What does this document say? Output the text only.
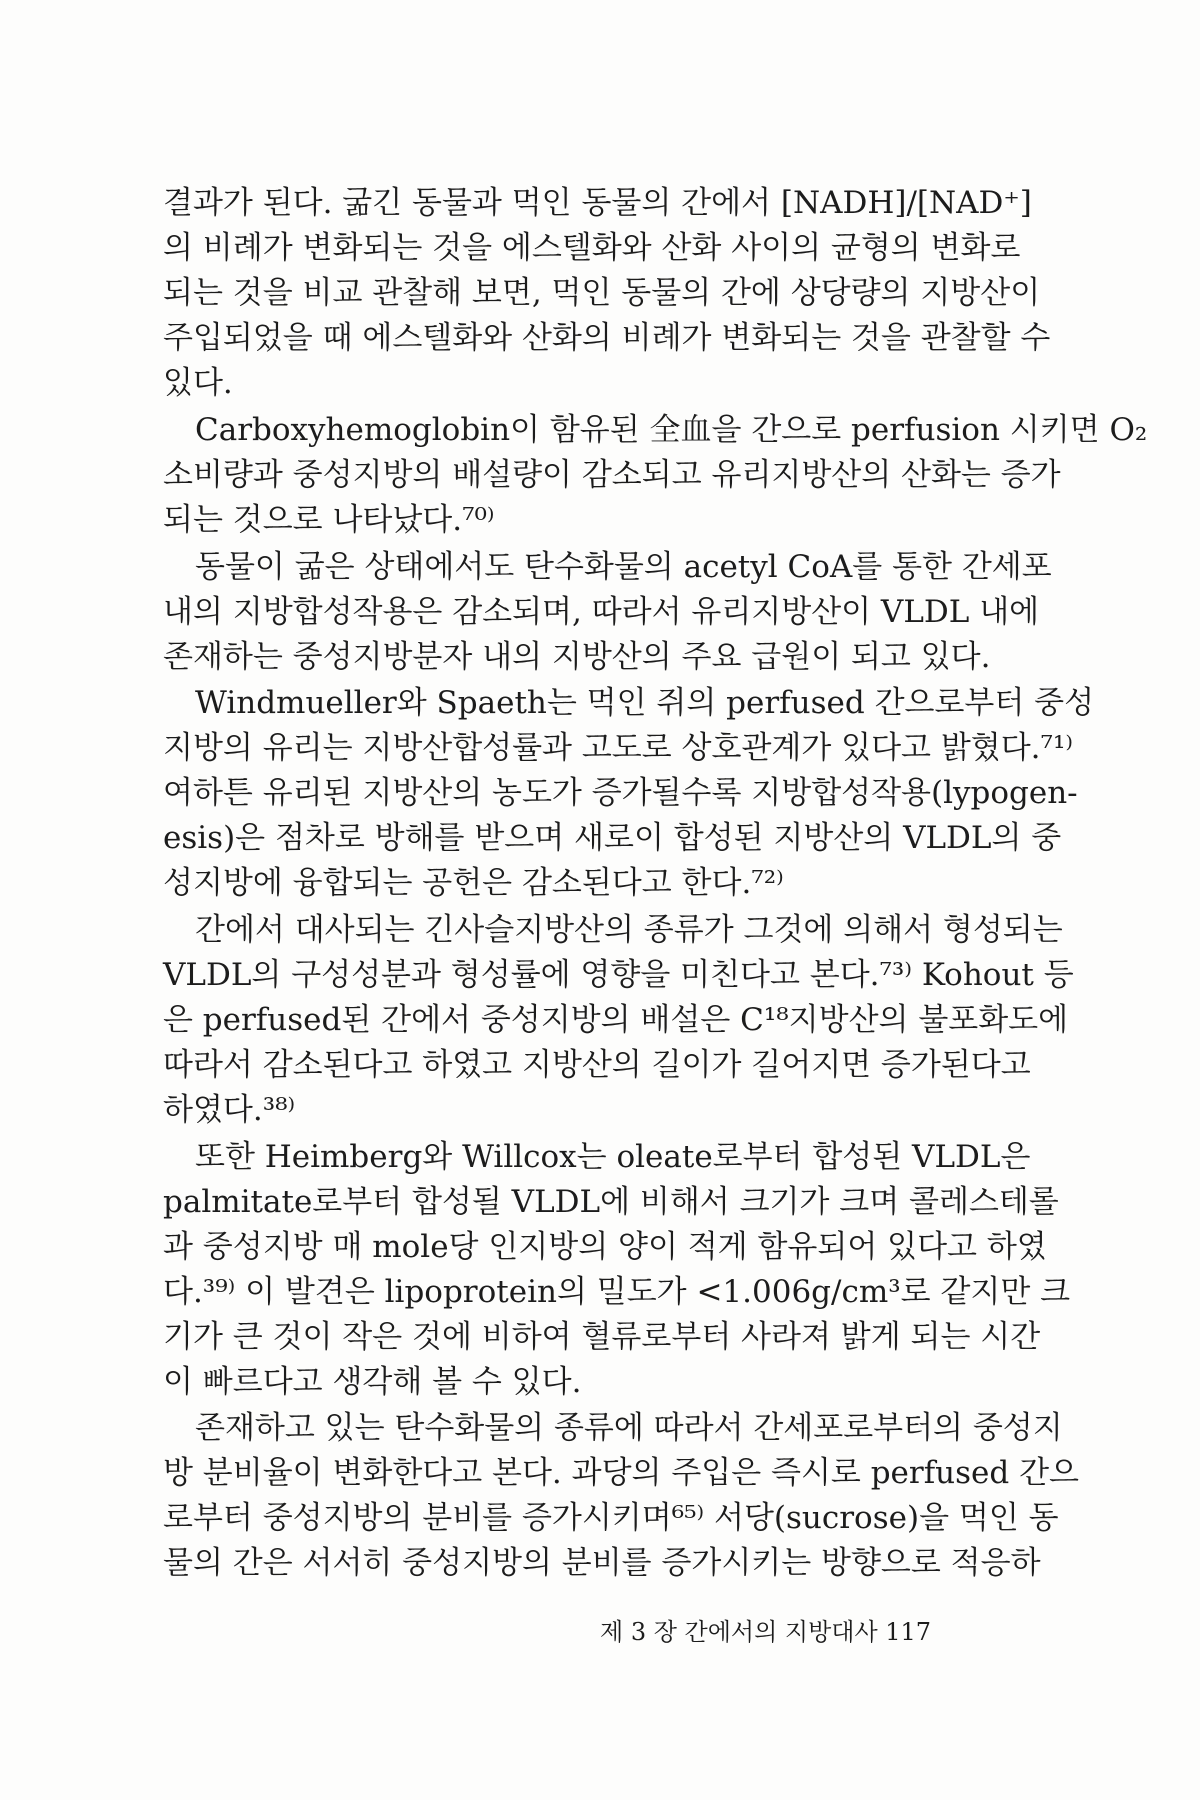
결과가 된다. 굶긴 동물과 먹인 동물의 간에서 [NADH]/[NAD⁺]
의 비례가 변화되는 것을 에스텔화와 산화 사이의 균형의 변화로
되는 것을 비교 관찰해 보면, 먹인 동물의 간에 상당량의 지방산이
주입되었을 때 에스텔화와 산화의 비례가 변화되는 것을 관찰할 수
있다.
Carboxyhemoglobin이 함유된 全血을 간으로 perfusion 시키면 O₂
소비량과 중성지방의 배설량이 감소되고 유리지방산의 산화는 증가
되는 것으로 나타났다.⁷⁰⁾
동물이 굶은 상태에서도 탄수화물의 acetyl CoA를 통한 간세포
내의 지방합성작용은 감소되며, 따라서 유리지방산이 VLDL 내에
존재하는 중성지방분자 내의 지방산의 주요 급원이 되고 있다.
Windmueller와 Spaeth는 먹인 쥐의 perfused 간으로부터 중성
지방의 유리는 지방산합성률과 고도로 상호관계가 있다고 밝혔다.⁷¹⁾
여하튼 유리된 지방산의 농도가 증가될수록 지방합성작용(lypogen-
esis)은 점차로 방해를 받으며 새로이 합성된 지방산의 VLDL의 중
성지방에 융합되는 공헌은 감소된다고 한다.⁷²⁾
간에서 대사되는 긴사슬지방산의 종류가 그것에 의해서 형성되는
VLDL의 구성성분과 형성률에 영향을 미친다고 본다.⁷³⁾ Kohout 등
은 perfused된 간에서 중성지방의 배설은 C¹⁸지방산의 불포화도에
따라서 감소된다고 하였고 지방산의 길이가 길어지면 증가된다고
하였다.³⁸⁾
또한 Heimberg와 Willcox는 oleate로부터 합성된 VLDL은
palmitate로부터 합성될 VLDL에 비해서 크기가 크며 콜레스테롤
과 중성지방 매 mole당 인지방의 양이 적게 함유되어 있다고 하였
다.³⁹⁾ 이 발견은 lipoprotein의 밀도가 <1.006g/cm³로 같지만 크
기가 큰 것이 작은 것에 비하여 혈류로부터 사라져 밝게 되는 시간
이 빠르다고 생각해 볼 수 있다.
존재하고 있는 탄수화물의 종류에 따라서 간세포로부터의 중성지
방 분비율이 변화한다고 본다. 과당의 주입은 즉시로 perfused 간으
로부터 중성지방의 분비를 증가시키며⁶⁵⁾ 서당(sucrose)을 먹인 동
물의 간은 서서히 중성지방의 분비를 증가시키는 방향으로 적응하
제 3 장 간에서의 지방대사 117
